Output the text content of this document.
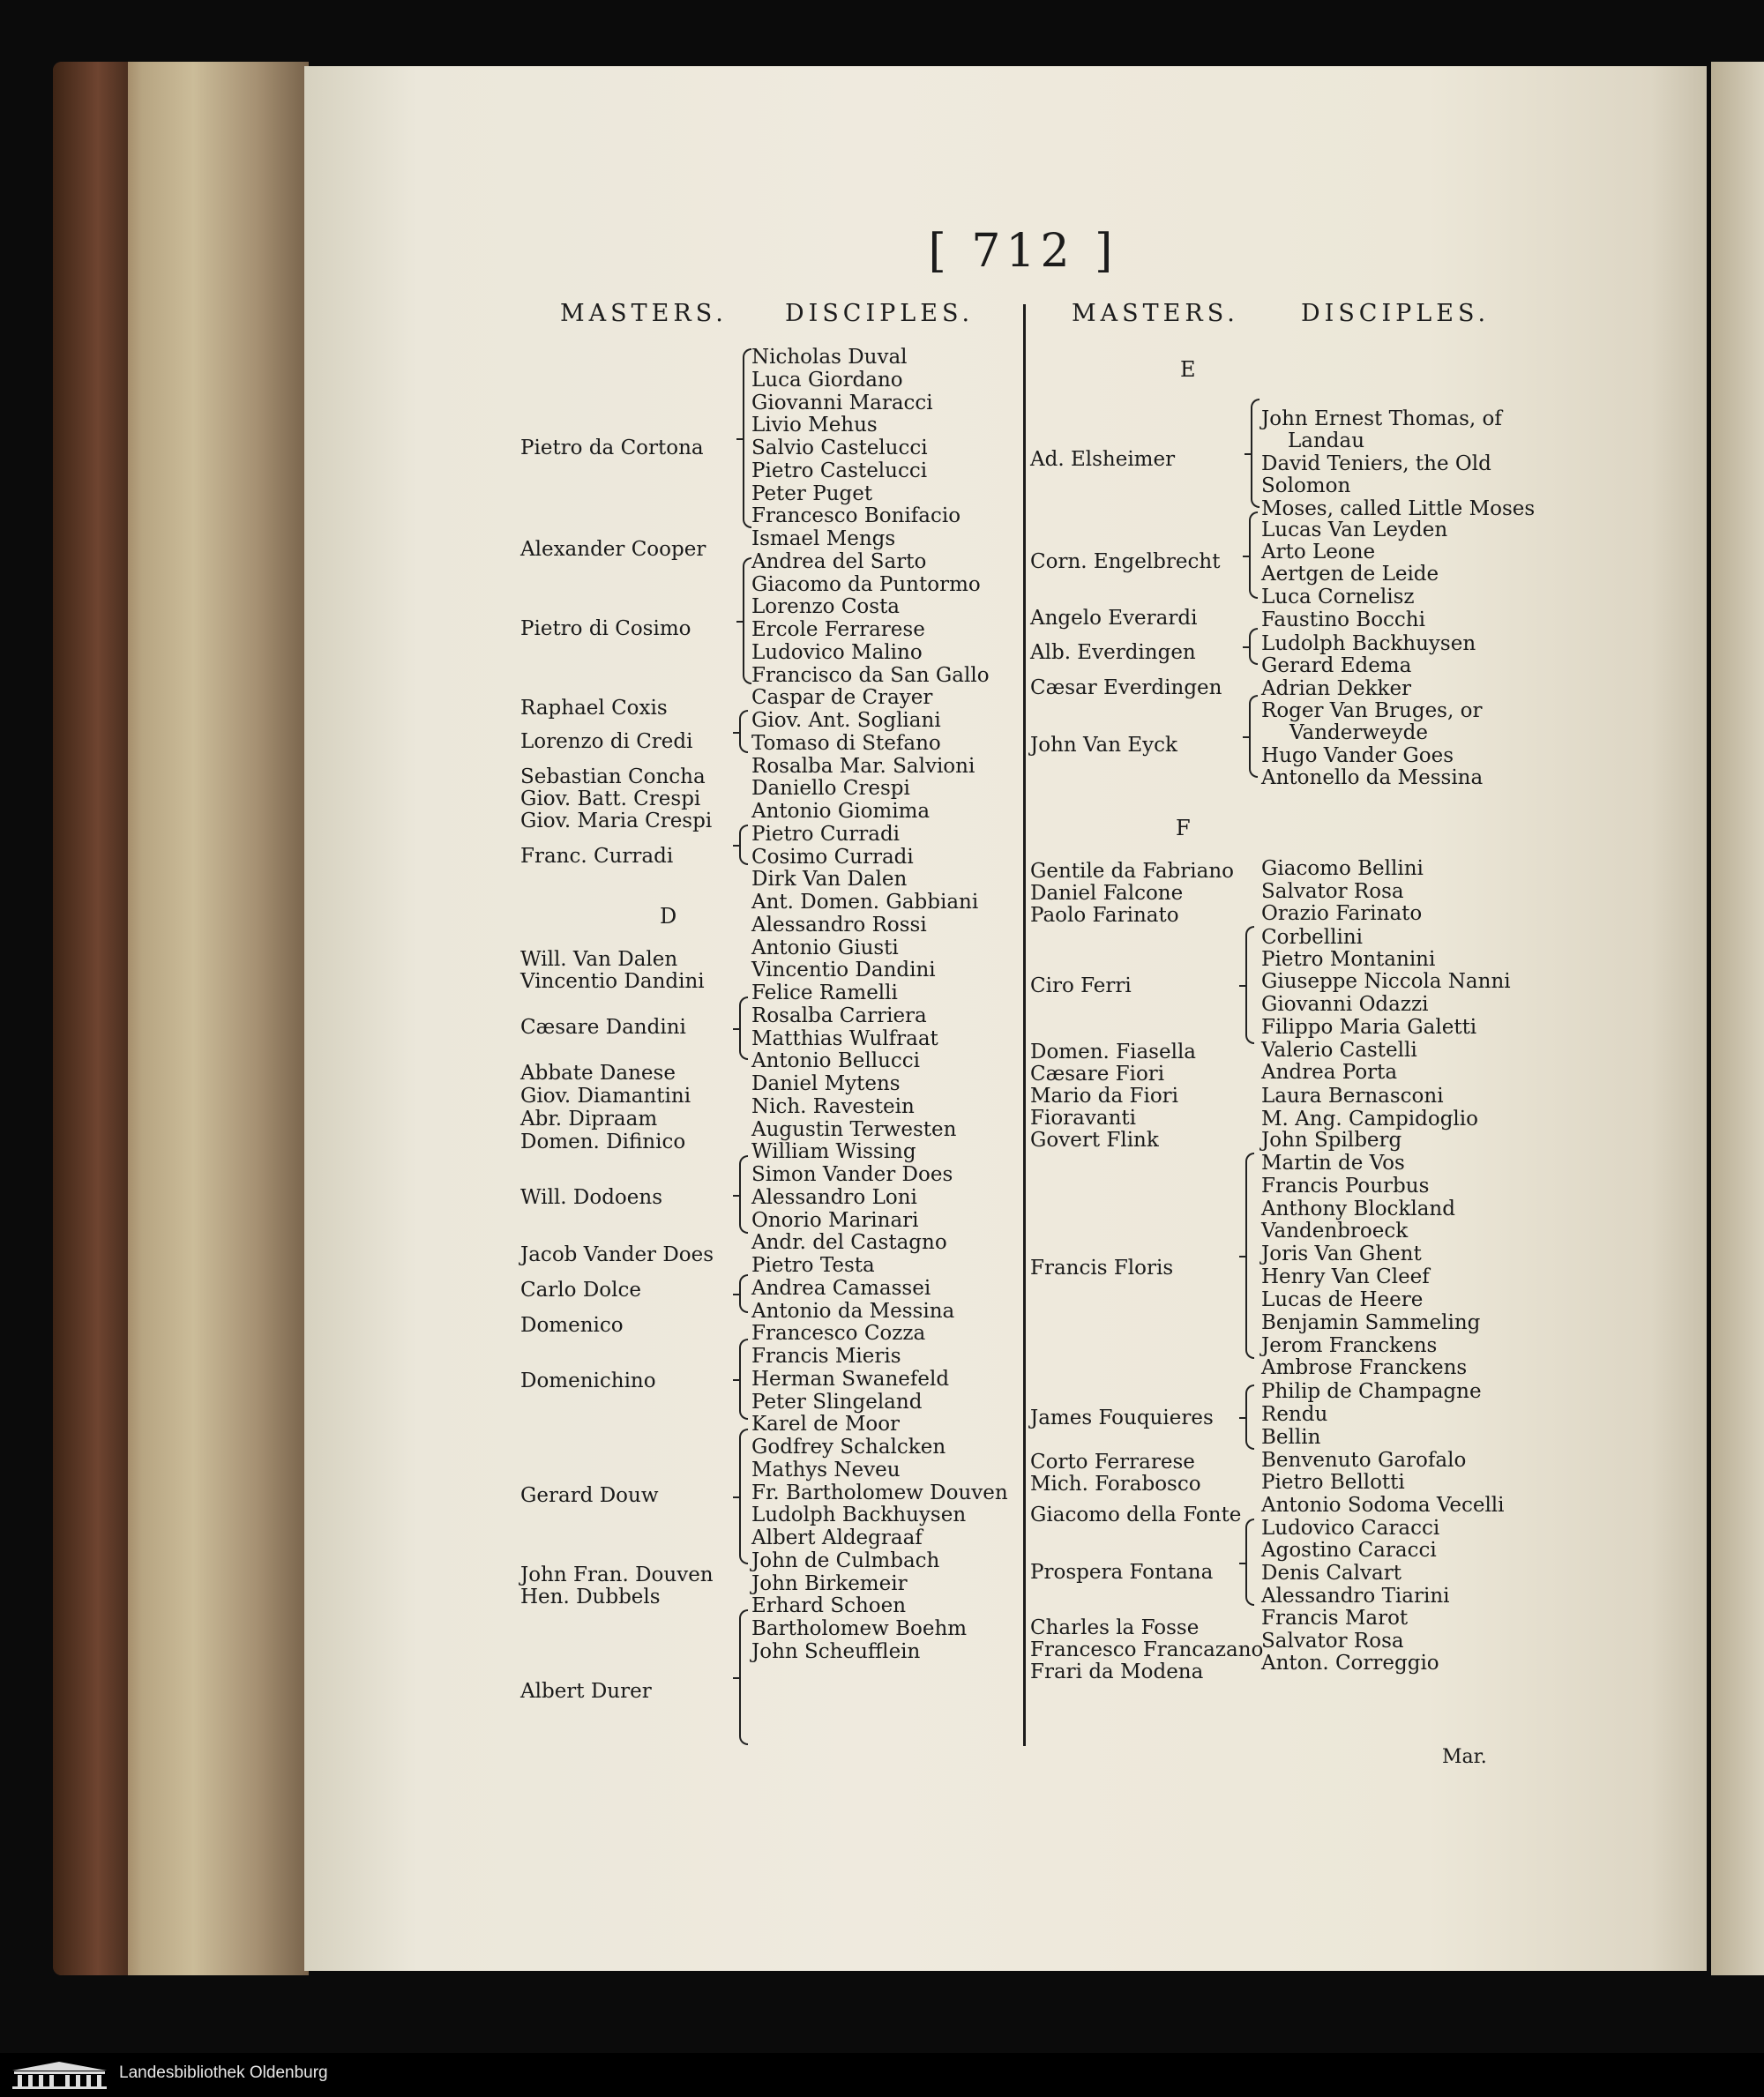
[ 712 ]
MASTERS. DISCIPLES.	MASTERS.	DISCIPLES.
Pietro da Cortona
Alexander Cooper
Pietro di Cosimo
Raphael Coxis
Lorenzo di Credi
Sebastian Concha
Giov. Batt. Crespi
Giov. Maria Crespi
Franc. Curradi
D
Will. Van Dalen
Vincentio Dandini
Cæsare Dandini
Abbate Danese
Giov. Diamantini
Abr. Dipraam
Domen. Difinico
Will. Dodoens
Jacob Vander Does
Carlo Dolce
Domenico
Domenichino
Gerard Douw
John Fran. Douven
Hen. Dubbels
Albert Durer
Nicholas Duval
Luca Giordano
Giovanni Maracci
Livio Mehus
Salvio Castelucci
Pietro Castelucci
Peter Puget
Francesco Bonifacio
Ismael Mengs
Andrea del Sarto
Giacomo da Puntormo
Lorenzo Costa
Ercole Ferrarese
Ludovico Malino
Francisco da San Gallo
Caspar de Crayer
Giov. Ant. Sogliani
Tomaso di Stefano
Rosalba Mar. Salvioni
Daniello Crespi
Antonio Giomima
Pietro Curradi
Cosimo Curradi
Dirk Van Dalen
Ant. Domen. Gabbiani
Alessandro Rossi
Antonio Giusti
Vincentio Dandini
Felice Ramelli
Rosalba Carriera
Matthias Wulfraat
Antonio Bellucci
Daniel Mytens
Nich. Ravestein
Augustin Terwesten
William Wissing
Simon Vander Does
Alessandro Loni
Onorio Marinari
Andr. del Castagno
Pietro Testa
Andrea Camassei
Antonio da Messina
Francesco Cozza
Francis Mieris
Herman Swanefeld
Peter Slingeland
Karel de Moor
Godfrey Schalcken
Mathys Neveu
Fr. Bartholomew Douven
Ludolph Backhuysen
Albert Aldegraaf
John de Culmbach
John Birkemeir
Erhard Schoen
Bartholomew Boehm
John Scheufflein
E
Ad. Elsheimer
Corn. Engelbrecht
Angelo Everardi
Alb. Everdingen
Cæsar Everdingen
John Van Eyck
F
Gentile da Fabriano
Daniel Falcone
Paolo Farinato
Ciro Ferri
Domen. Fiasella
Cæsare Fiori
Mario da Fiori
Fioravanti
Govert Flink
Francis Floris
James Fouquieres
Corto Ferrarese
Mich. Forabosco
Giacomo della Fonte
Prospera Fontana
Charles la Fosse
Francesco Francazano
Frari da Modena
John Ernest Thomas, of
Landau
David Teniers, the Old
Solomon
Moses, called Little Moses
Lucas Van Leyden
Arto Leone
Aertgen de Leide
Luca Cornelisz
Faustino Bocchi
Ludolph Backhuysen
Gerard Edema
Adrian Dekker
Roger Van Bruges, or
Vanderweyde
Hugo Vander Goes
Antonello da Messina
Giacomo Bellini
Salvator Rosa
Orazio Farinato
Corbellini
Pietro Montanini
Giuseppe Niccola Nanni
Giovanni Odazzi
Filippo Maria Galetti
Valerio Castelli
Andrea Porta
Laura Bernasconi
M. Ang. Campidoglio
John Spilberg
Martin de Vos
Francis Pourbus
Anthony Blockland
Vandenbroeck
Joris Van Ghent
Henry Van Cleef
Lucas de Heere
Benjamin Sammeling
Jerom Franckens
Ambrose Franckens
Philip de Champagne
Rendu
Bellin
Benvenuto Garofalo
Pietro Bellotti
Antonio Sodoma Vecelli
Ludovico Caracci
Agostino Caracci
Denis Calvart
Alessandro Tiarini
Francis Marot
Salvator Rosa
Anton. Correggio
Mar.
Landesbibliothek Oldenburg
